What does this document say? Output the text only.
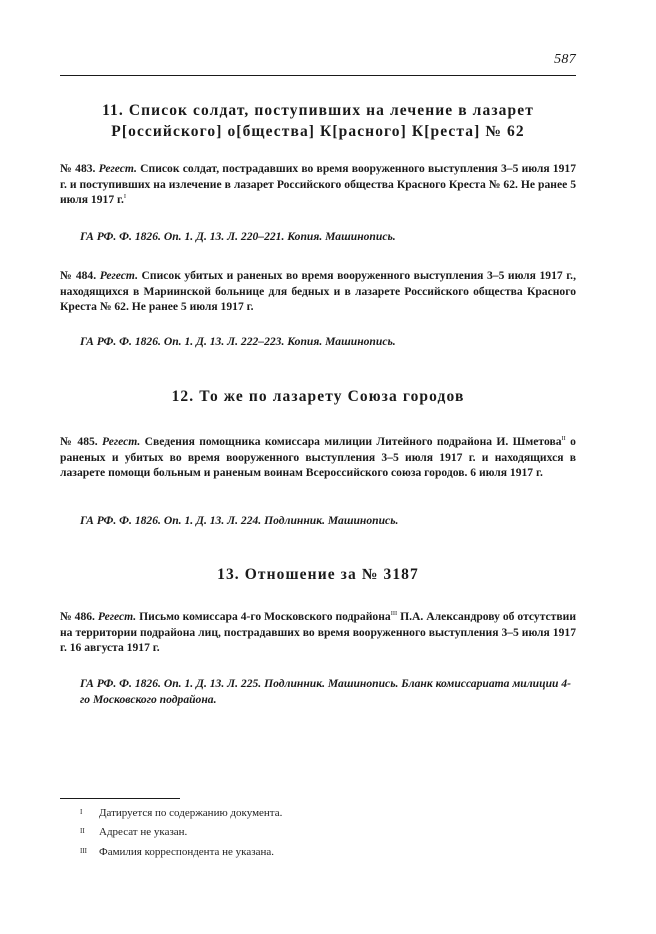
587
11. Список солдат, поступивших на лечение в лазарет
Р[оссийского] о[бщества] К[расного] К[реста] № 62

№ 483. Регест. Список солдат, пострадавших во время вооруженного выступления 3–5 июля 1917 г. и поступивших на излечение в лазарет Российского общества Красного Креста № 62. Не ранее 5 июля 1917 г.$^I$

ГА РФ. Ф. 1826. Оп. 1. Д. 13. Л. 220–221. Копия. Машинопись.

№ 484. Регест. Список убитых и раненых во время вооруженного выступления 3–5 июля 1917 г., находящихся в Мариинской больнице для бедных и в лазарете Российского общества Красного Креста № 62. Не ранее 5 июля 1917 г.

ГА РФ. Ф. 1826. Оп. 1. Д. 13. Л. 222–223. Копия. Машинопись.

12. То же по лазарету Союза городов

№ 485. Регест. Сведения помощника комиссара милиции Литейного подрайона И. Шметова$^{II}$ о раненых и убитых во время вооруженного выступления 3–5 июля 1917 г. и находящихся в лазарете помощи больным и раненым воинам Всероссийского союза городов. 6 июля 1917 г.

ГА РФ. Ф. 1826. Оп. 1. Д. 13. Л. 224. Подлинник. Машинопись.

13. Отношение за № 3187

№ 486. Регест. Письмо комиссара 4-го Московского подрайона$^{III}$ П.А. Александрову об отсутствии на территории подрайона лиц, пострадавших во время вооруженного выступления 3–5 июля 1917 г. 16 августа 1917 г.

ГА РФ. Ф. 1826. Оп. 1. Д. 13. Л. 225. Подлинник. Машинопись. Бланк комиссариата милиции 4-го Московского подрайона.

I Датируется по содержанию документа.
II Адресат не указан.
III Фамилия корреспондента не указана.
